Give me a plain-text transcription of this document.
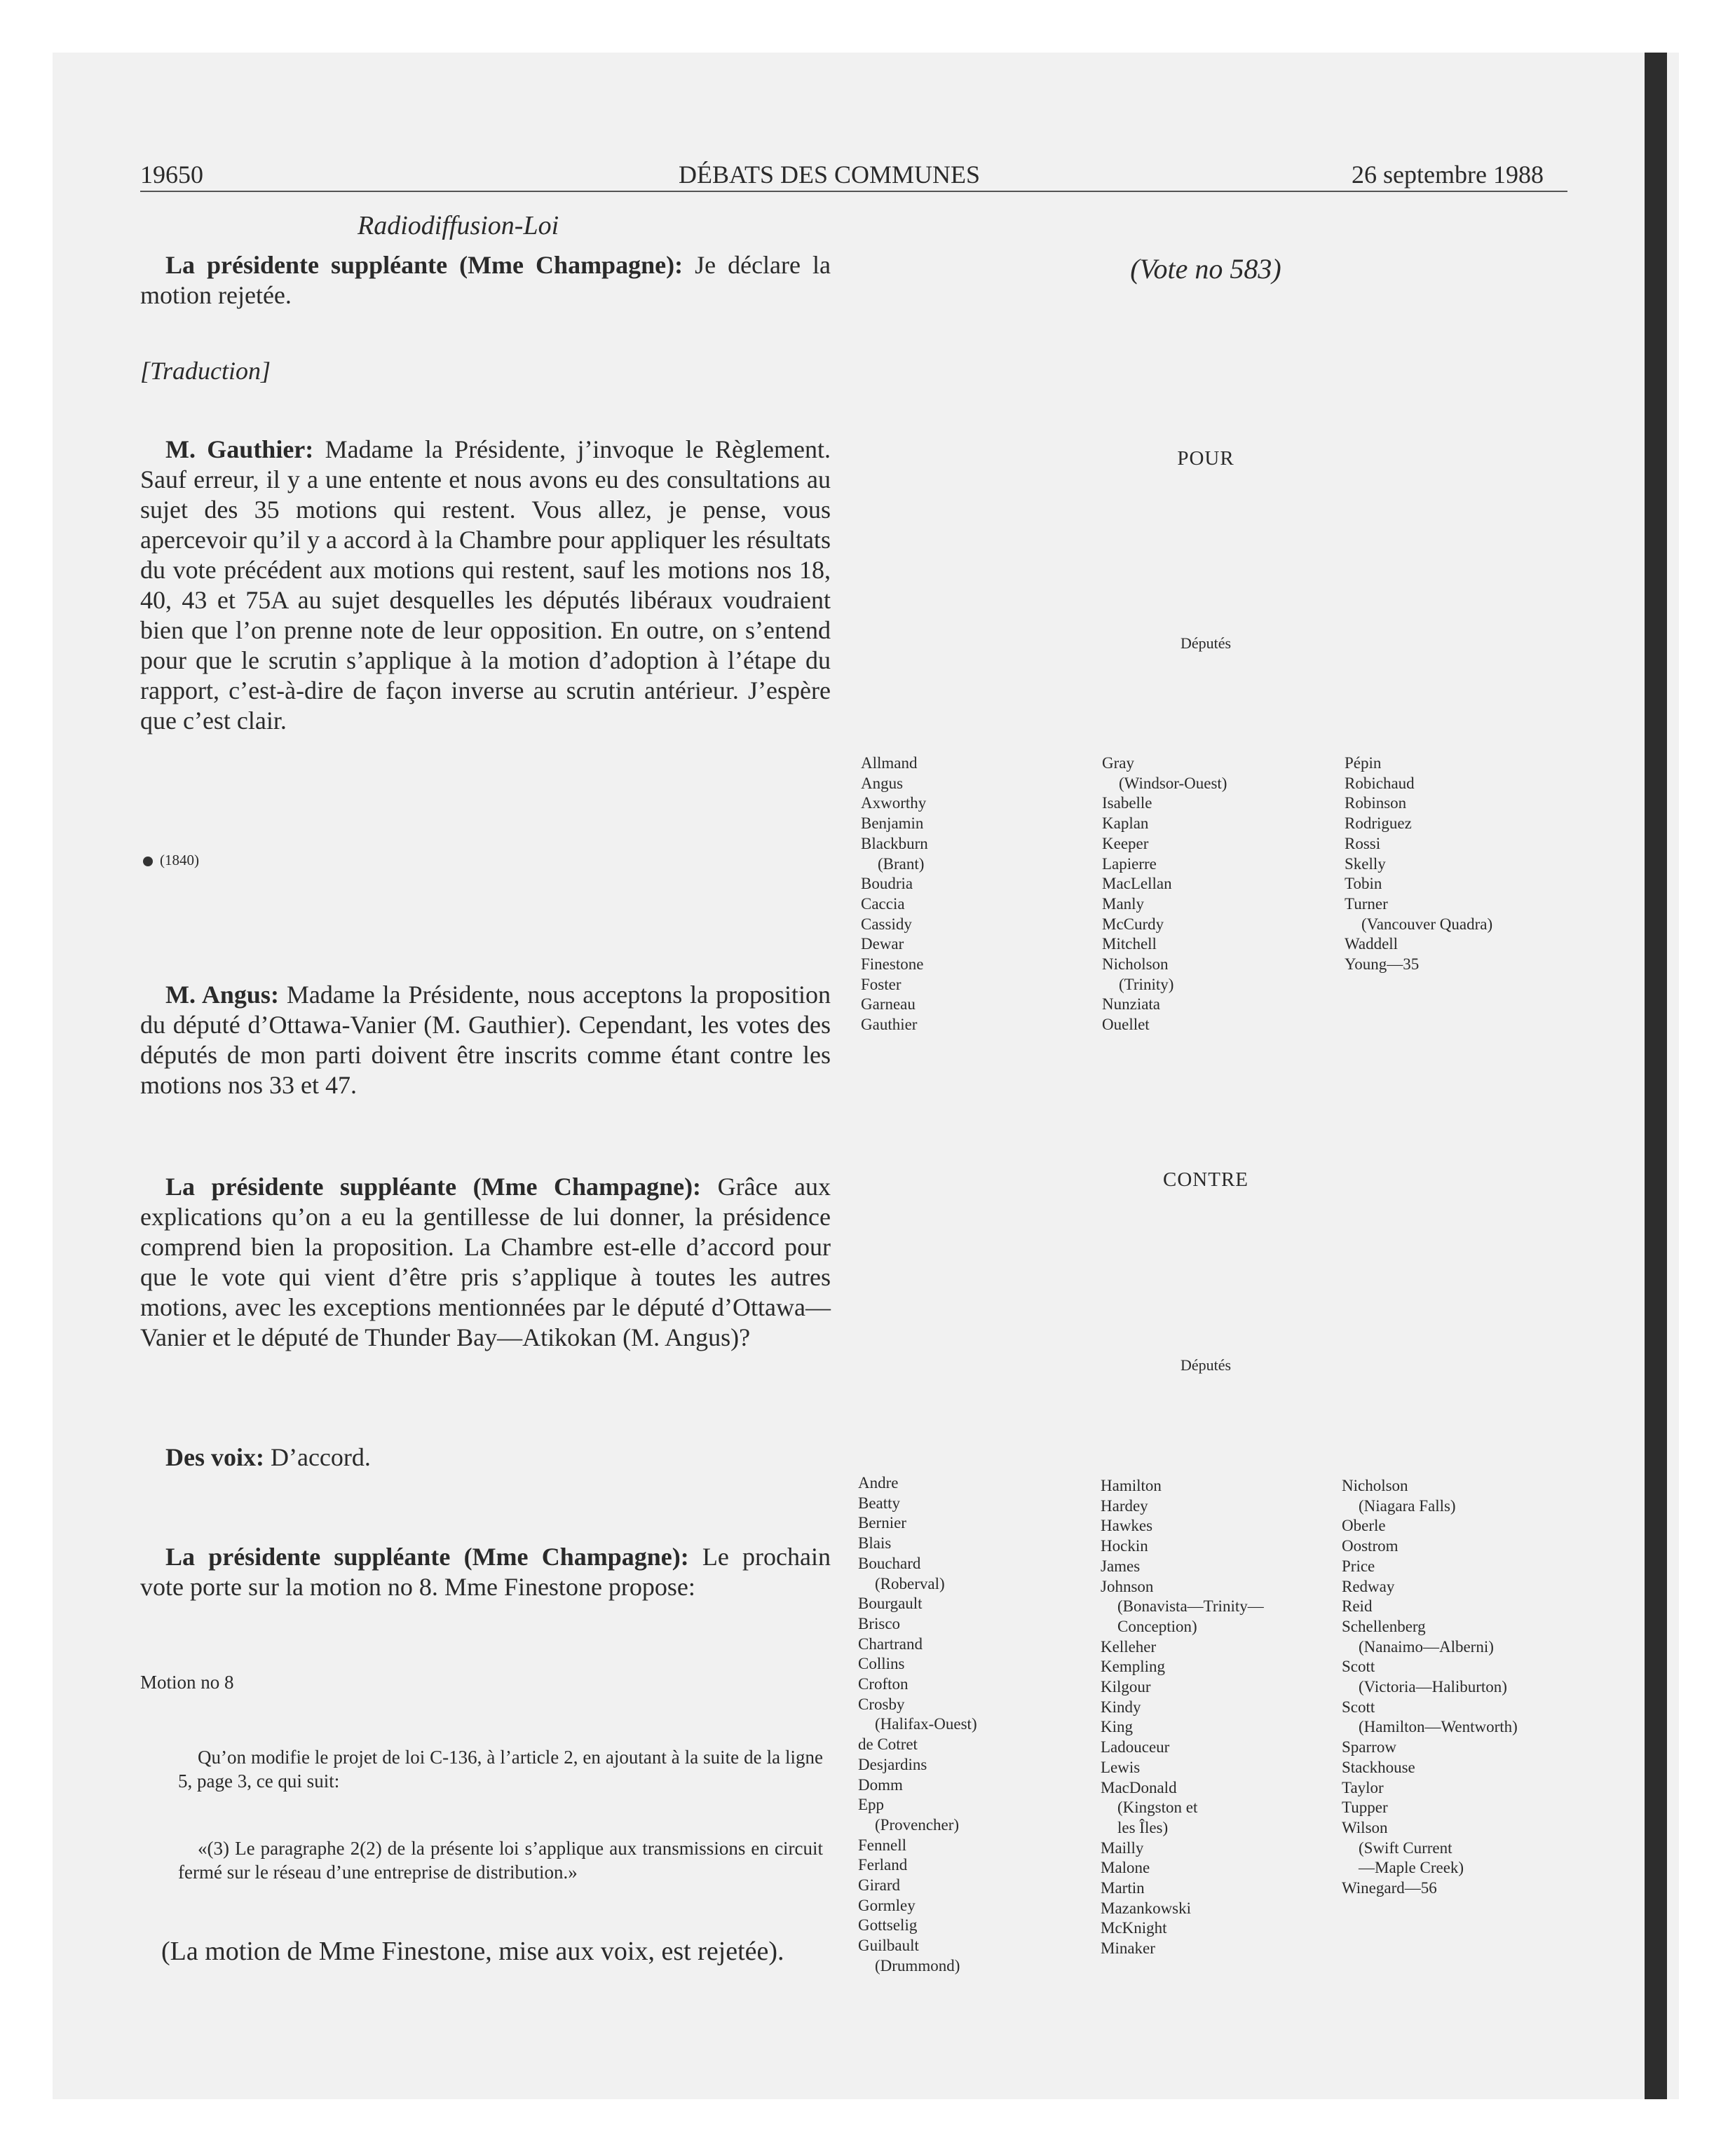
19650	DÉBATS DES COMMUNES	26 septembre 1988
Radiodiffusion-Loi

La présidente suppléante (Mme Champagne): Je déclare la motion rejetée.

[Traduction]

M. Gauthier: Madame la Présidente, j’invoque le Règlement. Sauf erreur, il y a une entente et nous avons eu des consultations au sujet des 35 motions qui restent. Vous allez, je pense, vous apercevoir qu’il y a accord à la Chambre pour appliquer les résultats du vote précédent aux motions qui restent, sauf les motions nos 18, 40, 43 et 75A au sujet desquelles les députés libéraux voudraient bien que l’on prenne note de leur opposition. En outre, on s’entend pour que le scrutin s’applique à la motion d’adoption à l’étape du rapport, c’est-à-dire de façon inverse au scrutin antérieur. J’espère que c’est clair.

(1840)

M. Angus: Madame la Présidente, nous acceptons la proposition du député d’Ottawa-Vanier (M. Gauthier). Cependant, les votes des députés de mon parti doivent être inscrits comme étant contre les motions nos 33 et 47.

La présidente suppléante (Mme Champagne): Grâce aux explications qu’on a eu la gentillesse de lui donner, la présidence comprend bien la proposition. La Chambre est-elle d’accord pour que le vote qui vient d’être pris s’applique à toutes les autres motions, avec les exceptions mentionnées par le député d’Ottawa—Vanier et le député de Thunder Bay—Atikokan (M. Angus)?

Des voix: D’accord.

La présidente suppléante (Mme Champagne): Le prochain vote porte sur la motion no 8. Mme Finestone propose:

Motion no 8

Qu’on modifie le projet de loi C-136, à l’article 2, en ajoutant à la suite de la ligne 5, page 3, ce qui suit:

«(3) Le paragraphe 2(2) de la présente loi s’applique aux transmissions en circuit fermé sur le réseau d’une entreprise de distribution.»

(La motion de Mme Finestone, mise aux voix, est rejetée).
(Vote no 583)
POUR
Députés
Allmand
Angus
Axworthy
Benjamin
Blackburn
(Brant)
Boudria
Caccia
Cassidy
Dewar
Finestone
Foster
Garneau
Gauthier
Gray
(Windsor-Ouest)
Isabelle
Kaplan
Keeper
Lapierre
MacLellan
Manly
McCurdy
Mitchell
Nicholson
(Trinity)
Nunziata
Ouellet
Pépin
Robichaud
Robinson
Rodriguez
Rossi
Skelly
Tobin
Turner
(Vancouver Quadra)
Waddell
Young—35
CONTRE
Députés
Andre
Beatty
Bernier
Blais
Bouchard
(Roberval)
Bourgault
Brisco
Chartrand
Collins
Crofton
Crosby
(Halifax-Ouest)
de Cotret
Desjardins
Domm
Epp
(Provencher)
Fennell
Ferland
Girard
Gormley
Gottselig
Guilbault
(Drummond)
Hamilton
Hardey
Hawkes
Hockin
James
Johnson
(Bonavista—Trinity—
Conception)
Kelleher
Kempling
Kilgour
Kindy
King
Ladouceur
Lewis
MacDonald
(Kingston et
les Îles)
Mailly
Malone
Martin
Mazankowski
McKnight
Minaker
Nicholson
(Niagara Falls)
Oberle
Oostrom
Price
Redway
Reid
Schellenberg
(Nanaimo—Alberni)
Scott
(Victoria—Haliburton)
Scott
(Hamilton—Wentworth)
Sparrow
Stackhouse
Taylor
Tupper
Wilson
(Swift Current
—Maple Creek)
Winegard—56
